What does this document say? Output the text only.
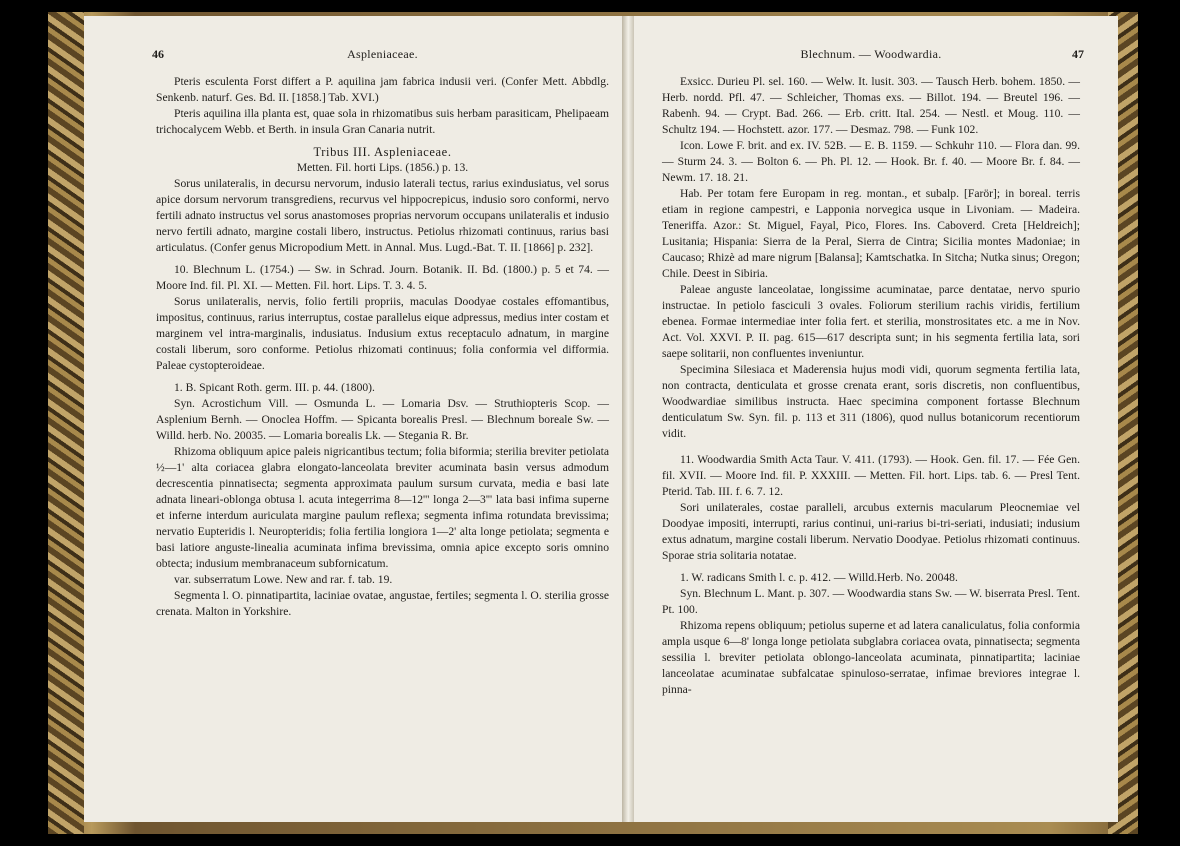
46	Aspleniaceae.

Pteris esculenta Forst differt a P. aquilina jam fabrica indusii veri. (Confer Mett. Abbdlg. Senkenb. naturf. Ges. Bd. II. [1858.] Tab. XVI.)

Pteris aquilina illa planta est, quae sola in rhizomatibus suis herbam parasiticam, Phelipaeam trichocalycem Webb. et Berth. in insula Gran Canaria nutrit.

Tribus III. Aspleniaceae.

Metten. Fil. horti Lips. (1856.) p. 13.

Sorus unilateralis, in decursu nervorum, indusio laterali tectus, rarius exindusiatus, vel sorus apice dorsum nervorum transgrediens, recurvus vel hippocrepicus, indusio soro conformi, nervo fertili adnato instructus vel sorus anastomoses proprias nervorum occupans unilateralis et indusio nervo fertili adnato, margine costali libero, instructus. Petiolus rhizomati continuus, rarius basi articulatus. (Confer genus Micropodium Mett. in Annal. Mus. Lugd.-Bat. T. II. [1866] p. 232].

10. Blechnum L. (1754.) — Sw. in Schrad. Journ. Botanik. II. Bd. (1800.) p. 5 et 74. — Moore Ind. fil. Pl. XI. — Metten. Fil. hort. Lips. T. 3. 4. 5.

Sorus unilateralis, nervis, folio fertili propriis, maculas Doodyae costales effomantibus, impositus, continuus, rarius interruptus, costae parallelus eique adpressus, medius inter costam et marginem vel intra-marginalis, indusiatus. Indusium extus receptaculo adnatum, in margine costali liberum, soro conforme. Petiolus rhizomati continuus; folia conformia vel difformia. Paleae cystopteroideae.

1. B. Spicant Roth. germ. III. p. 44. (1800).

Syn. Acrostichum Vill. — Osmunda L. — Lomaria Dsv. — Struthiopteris Scop. — Asplenium Bernh. — Onoclea Hoffm. — Spicanta borealis Presl. — Blechnum boreale Sw. — Willd. herb. No. 20035. — Lomaria borealis Lk. — Stegania R. Br.

Rhizoma obliquum apice paleis nigricantibus tectum; folia biformia; sterilia breviter petiolata ½—1' alta coriacea glabra elongato-lanceolata breviter acuminata basin versus admodum decrescentia pinnatisecta; segmenta approximata paulum sursum curvata, media e basi late adnata lineari-oblonga obtusa l. acuta integerrima 8—12''' longa 2—3''' lata basi infima superne et inferne interdum auriculata margine paulum reflexa; segmenta infima rotundata brevissima; nervatio Eupteridis l. Neuropteridis; folia fertilia longiora 1—2' alta longe petiolata; segmenta e basi latiore anguste-linealia acuminata infima brevissima, omnia apice excepto soris omnino obtecta; indusium membranaceum subfornicatum.

var. subserratum Lowe. New and rar. f. tab. 19.

Segmenta l. O. pinnatipartita, laciniae ovatae, angustae, fertiles; segmenta l. O. sterilia grosse crenata. Malton in Yorkshire.

Blechnum. — Woodwardia.	47

Exsicc. Durieu Pl. sel. 160. — Welw. It. lusit. 303. — Tausch Herb. bohem. 1850. — Herb. nordd. Pfl. 47. — Schleicher, Thomas exs. — Billot. 194. — Breutel 196. — Rabenh. 94. — Crypt. Bad. 266. — Erb. critt. Ital. 254. — Nestl. et Moug. 110. — Schultz 194. — Hochstett. azor. 177. — Desmaz. 798. — Funk 102.

Icon. Lowe F. brit. and ex. IV. 52B. — E. B. 1159. — Schkuhr 110. — Flora dan. 99. — Sturm 24. 3. — Bolton 6. — Ph. Pl. 12. — Hook. Br. f. 40. — Moore Br. f. 84. — Newm. 17. 18. 21.

Hab. Per totam fere Europam in reg. montan., et subalp. [Farör]; in boreal. terris etiam in regione campestri, e Lapponia norvegica usque in Livoniam. — Madeira. Teneriffa. Azor.: St. Miguel, Fayal, Pico, Flores. Ins. Caboverd. Creta [Heldreich]; Lusitania; Hispania: Sierra de la Peral, Sierra de Cintra; Sicilia montes Madoniae; in Caucaso; Rhizè ad mare nigrum [Balansa]; Kamtschatka. In Sitcha; Nutka sinus; Oregon; Chile. Deest in Sibiria.

Paleae anguste lanceolatae, longissime acuminatae, parce dentatae, nervo spurio instructae. In petiolo fasciculi 3 ovales. Foliorum sterilium rachis viridis, fertilium ebenea. Formae intermediae inter folia fert. et sterilia, monstrositates etc. a me in Nov. Act. Vol. XXVI. P. II. pag. 615—617 descripta sunt; in his segmenta fertilia lata, sori saepe solitarii, non confluentes inveniuntur.

Specimina Silesiaca et Maderensia hujus modi vidi, quorum segmenta fertilia lata, non contracta, denticulata et grosse crenata erant, soris discretis, non confluentibus, Woodwardiae similibus instructa. Haec specimina component fortasse Blechnum denticulatum Sw. Syn. fil. p. 113 et 311 (1806), quod nullus botanicorum recentiorum vidit.

11. Woodwardia Smith Acta Taur. V. 411. (1793). — Hook. Gen. fil. 17. — Fée Gen. fil. XVII. — Moore Ind. fil. P. XXXIII. — Metten. Fil. hort. Lips. tab. 6. — Presl Tent. Pterid. Tab. III. f. 6. 7. 12.

Sori unilaterales, costae paralleli, arcubus externis macularum Pleocnemiae vel Doodyae impositi, interrupti, rarius continui, uni-rarius bi-tri-seriati, indusiati; indusium extus adnatum, margine costali liberum. Nervatio Doodyae. Petiolus rhizomati continuus. Sporae stria solitaria notatae.

1. W. radicans Smith l. c. p. 412. — Willd.Herb. No. 20048.

Syn. Blechnum L. Mant. p. 307. — Woodwardia stans Sw. — W. biserrata Presl. Tent. Pt. 100.

Rhizoma repens obliquum; petiolus superne et ad latera canaliculatus, folia conformia ampla usque 6—8' longa longe petiolata subglabra coriacea ovata, pinnatisecta; segmenta sessilia l. breviter petiolata oblongo-lanceolata acuminata, pinnatipartita; laciniae lanceolatae acuminatae subfalcatae spinuloso-serratae, infimae breviores integrae l. pinna-
